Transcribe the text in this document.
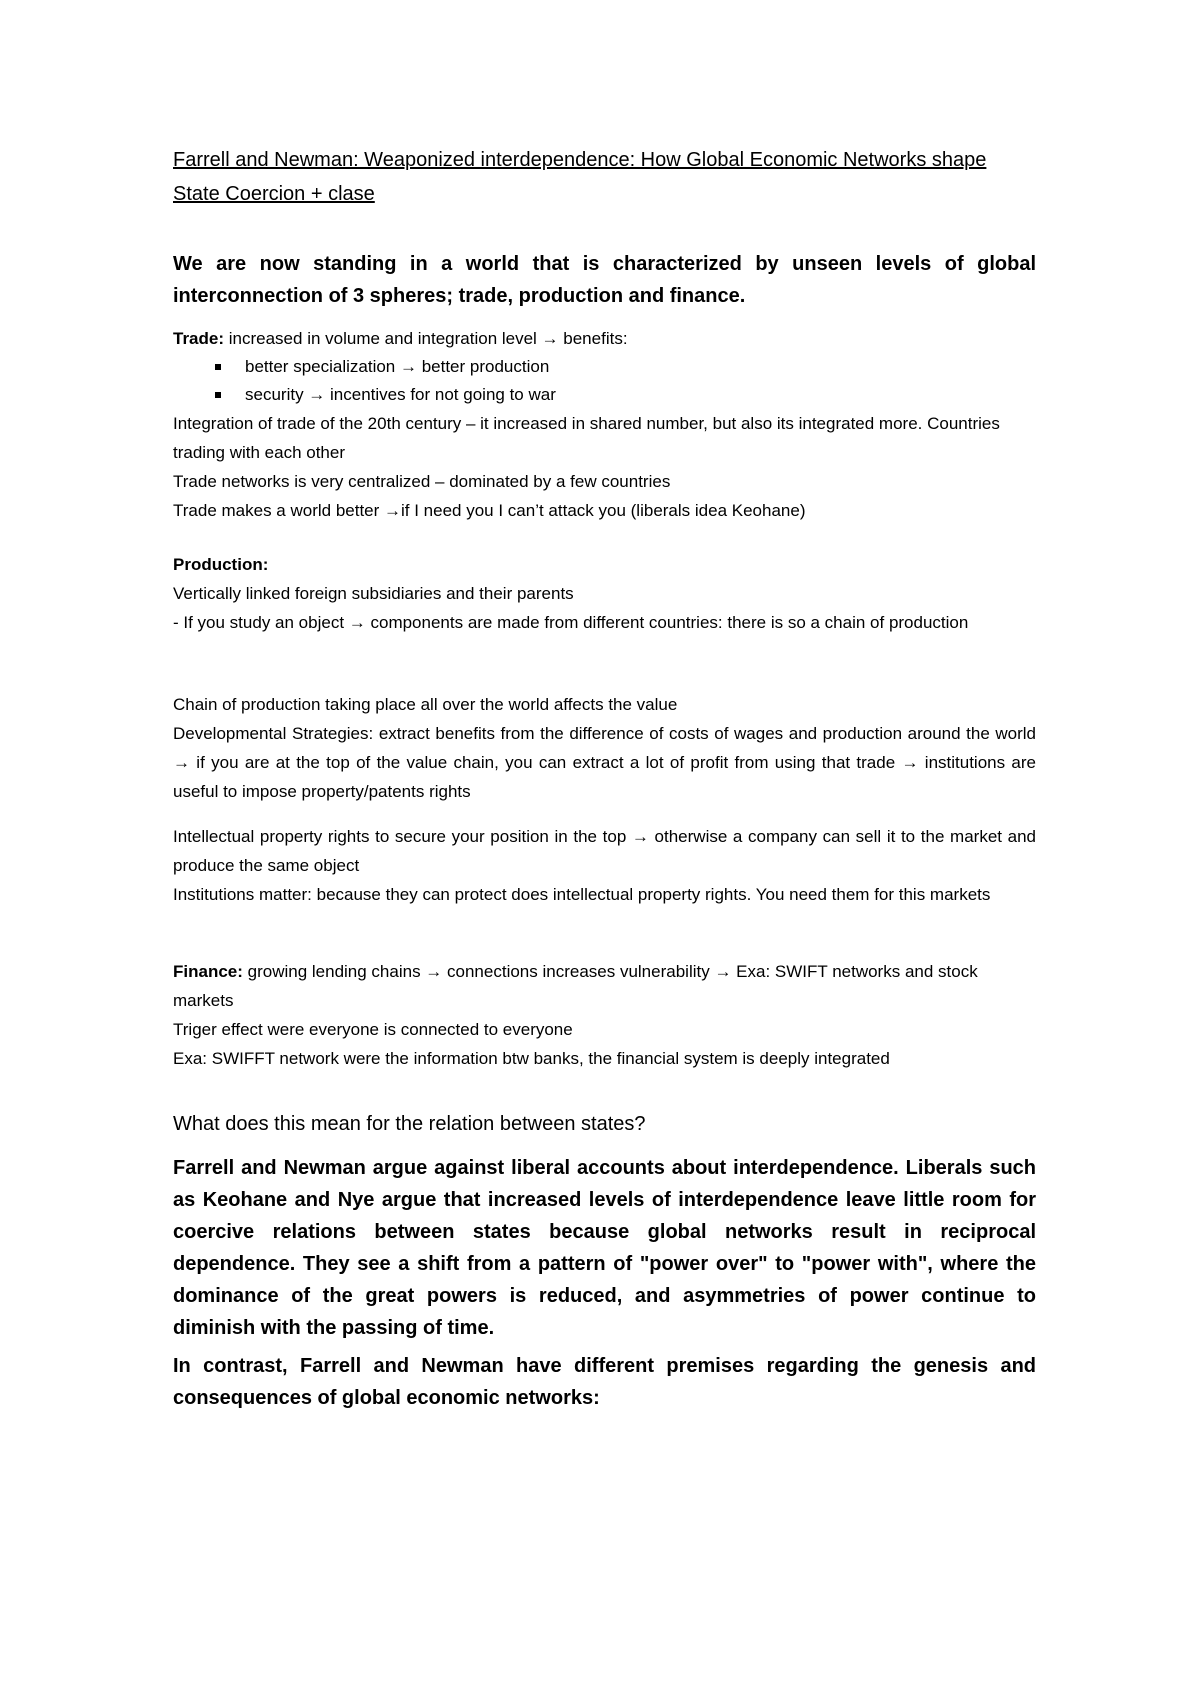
Farrell and Newman: Weaponized interdependence: How Global Economic Networks shape State Coercion + clase

We are now standing in a world that is characterized by unseen levels of global interconnection of 3 spheres; trade, production and finance.

Trade: increased in volume and integration level → benefits:

better specialization → better production
security → incentives for not going to war

Integration of trade of the 20th century – it increased in shared number, but also its integrated more. Countries trading with each other

Trade networks is very centralized – dominated by a few countries

Trade makes a world better →if I need you I can’t attack you (liberals idea Keohane)

Production:

Vertically linked foreign subsidiaries and their parents

- If you study an object → components are made from different countries: there is so a chain of production

Chain of production taking place all over the world affects the value

Developmental Strategies: extract benefits from the difference of costs of wages and production around the world → if you are at the top of the value chain, you can extract a lot of profit from using that trade → institutions are useful to impose property/patents rights

Intellectual property rights to secure your position in the top → otherwise a company can sell it to the market and produce the same object

Institutions matter: because they can protect does intellectual property rights. You need them for this markets

Finance: growing lending chains → connections increases vulnerability → Exa: SWIFT networks and stock markets

Triger effect were everyone is connected to everyone

Exa: SWIFFT network were the information btw banks, the financial system is deeply integrated

What does this mean for the relation between states?

Farrell and Newman argue against liberal accounts about interdependence. Liberals such as Keohane and Nye argue that increased levels of interdependence leave little room for coercive relations between states because global networks result in reciprocal dependence. They see a shift from a pattern of "power over" to "power with", where the dominance of the great powers is reduced, and asymmetries of power continue to diminish with the passing of time.

In contrast, Farrell and Newman have different premises regarding the genesis and consequences of global economic networks:
